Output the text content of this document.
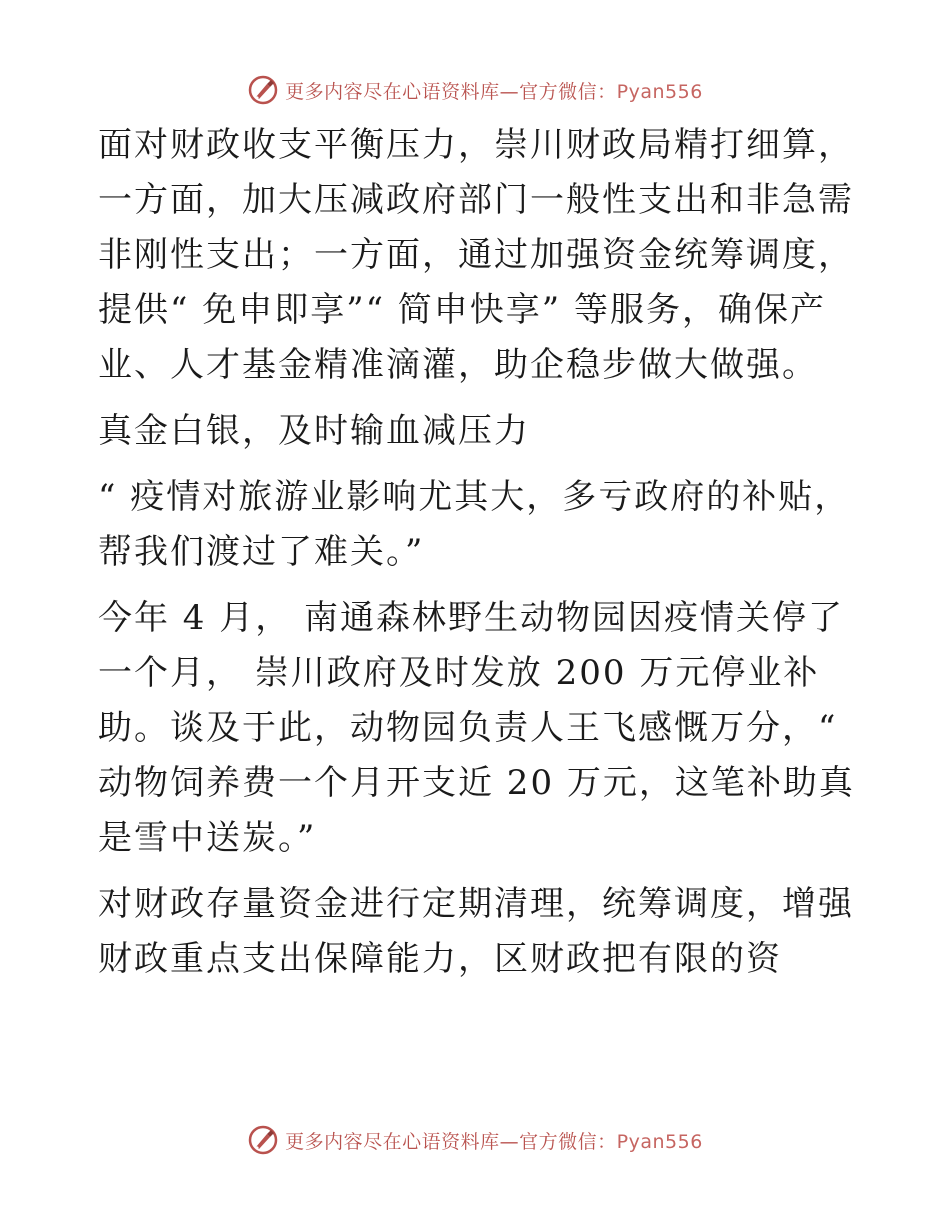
更多内容尽在心语资料库—官方微信：Pyan556

面对财政收支平衡压力，崇川财政局精打细算，一方面，加大压减政府部门一般性支出和非急需非刚性支出；一方面，通过加强资金统筹调度，提供“ 免申即享”“ 简申快享” 等服务，确保产业、人才基金精准滴灌，助企稳步做大做强。

真金白银，及时输血减压力

“ 疫情对旅游业影响尤其大，多亏政府的补贴，帮我们渡过了难关。”

今年 4 月， 南通森林野生动物园因疫情关停了一个月， 崇川政府及时发放 200 万元停业补助。谈及于此，动物园负责人王飞感慨万分，“ 动物饲养费一个月开支近 20 万元，这笔补助真是雪中送炭。”

对财政存量资金进行定期清理，统筹调度，增强财政重点支出保障能力，区财政把有限的资

更多内容尽在心语资料库—官方微信：Pyan556
